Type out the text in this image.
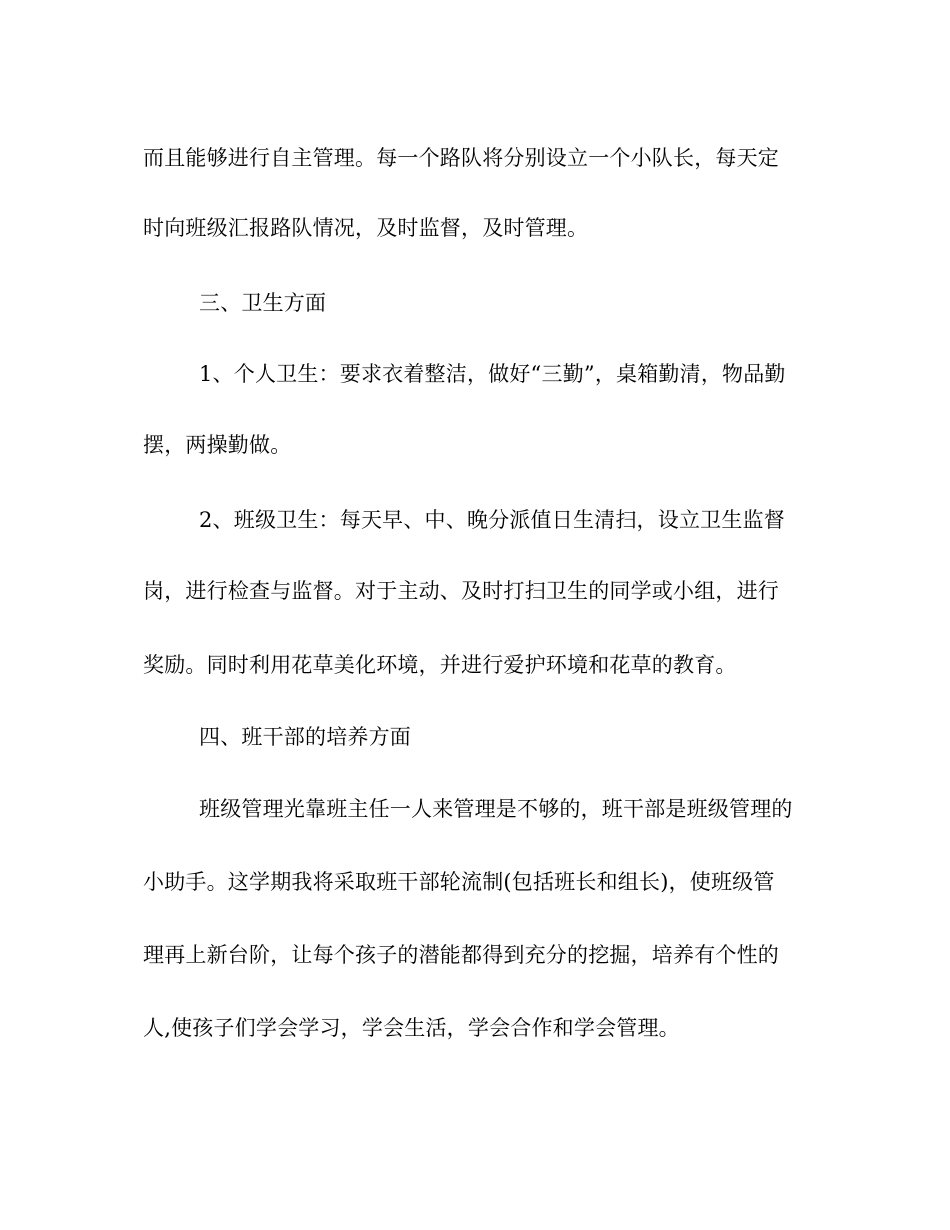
而且能够进行自主管理。每一个路队将分别设立一个小队长，每天定
时向班级汇报路队情况，及时监督，及时管理。
三、卫生方面
1、个人卫生：要求衣着整洁，做好“三勤”，桌箱勤清，物品勤
摆，两操勤做。
2、班级卫生：每天早、中、晚分派值日生清扫，设立卫生监督
岗，进行检查与监督。对于主动、及时打扫卫生的同学或小组，进行
奖励。同时利用花草美化环境，并进行爱护环境和花草的教育。
四、班干部的培养方面
班级管理光靠班主任一人来管理是不够的，班干部是班级管理的
小助手。这学期我将采取班干部轮流制(包括班长和组长)，使班级管
理再上新台阶，让每个孩子的潜能都得到充分的挖掘，培养有个性的
人,使孩子们学会学习，学会生活，学会合作和学会管理。
